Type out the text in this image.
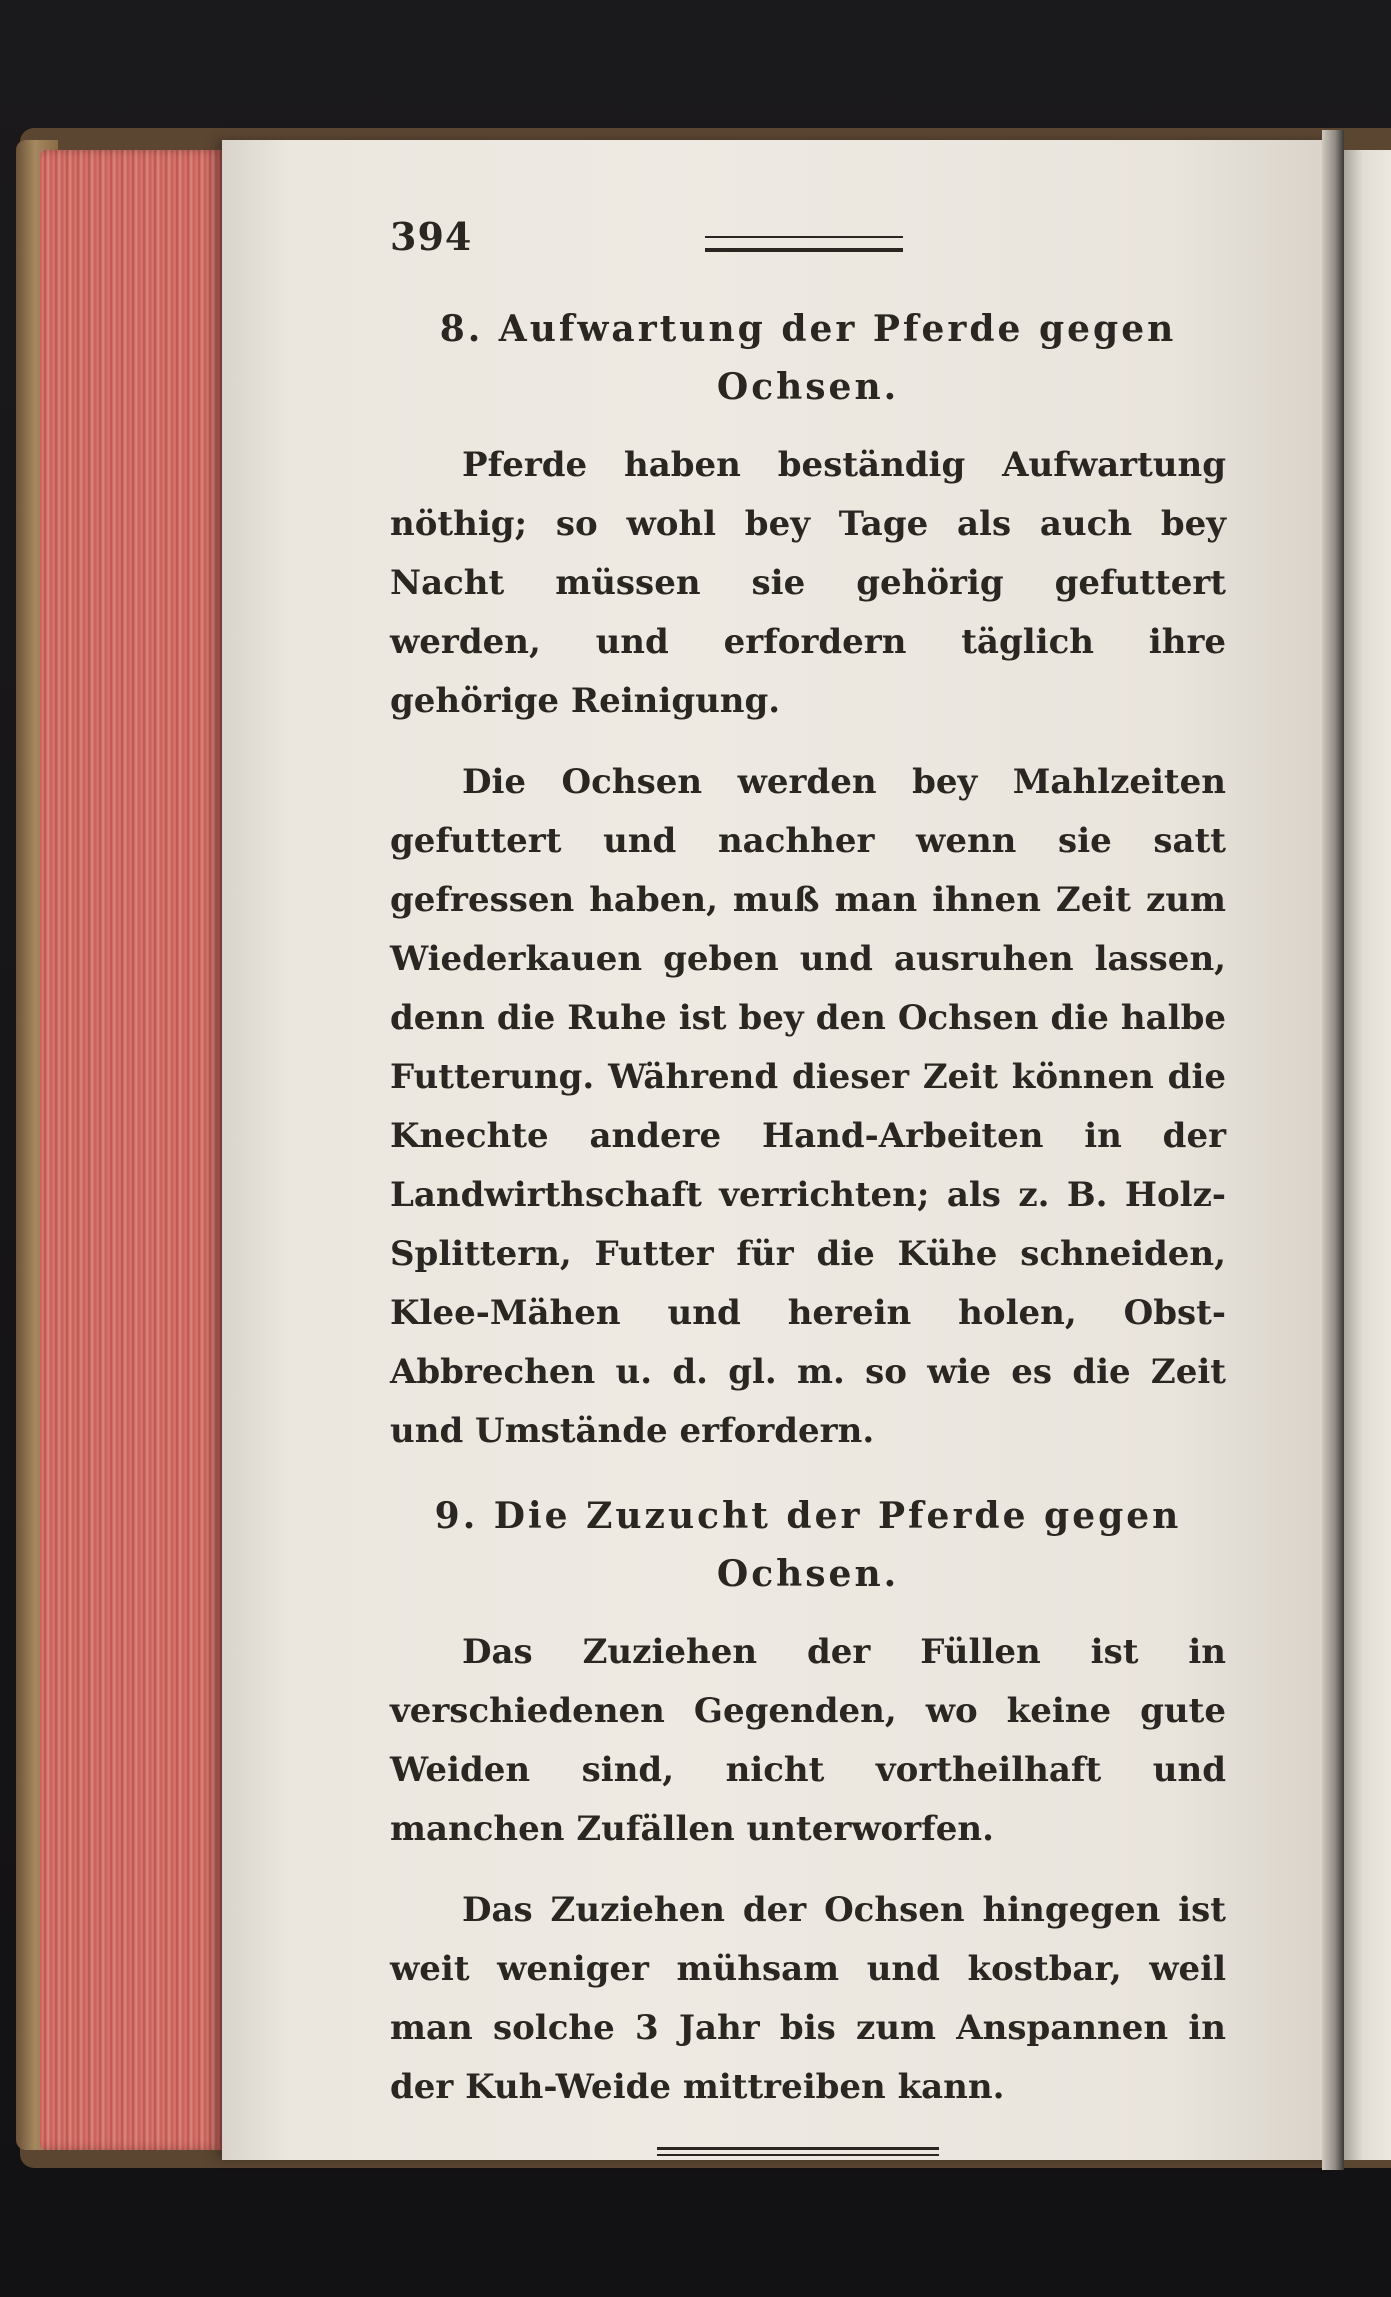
394
8. Aufwartung der Pferde gegen
Ochsen.

Pferde haben beständig Aufwartung nöthig; so wohl bey Tage als auch bey Nacht müssen sie gehörig gefuttert werden, und erfordern täglich ihre gehörige Reinigung.

Die Ochsen werden bey Mahlzeiten gefuttert und nachher wenn sie satt gefressen haben, muß man ihnen Zeit zum Wiederkauen geben und ausruhen lassen, denn die Ruhe ist bey den Ochsen die halbe Futterung. Während dieser Zeit können die Knechte andere Hand-Arbeiten in der Landwirthschaft verrichten; als z. B. Holz-Splittern, Futter für die Kühe schneiden, Klee-Mähen und herein holen, Obst-Abbrechen u. d. gl. m. so wie es die Zeit und Umstände erfordern.

9. Die Zuzucht der Pferde gegen
Ochsen.

Das Zuziehen der Füllen ist in verschiedenen Gegenden, wo keine gute Weiden sind, nicht vortheilhaft und manchen Zufällen unterworfen.

Das Zuziehen der Ochsen hingegen ist weit weniger mühsam und kostbar, weil man solche 3 Jahr bis zum Anspannen in der Kuh-Weide mittreiben kann.
